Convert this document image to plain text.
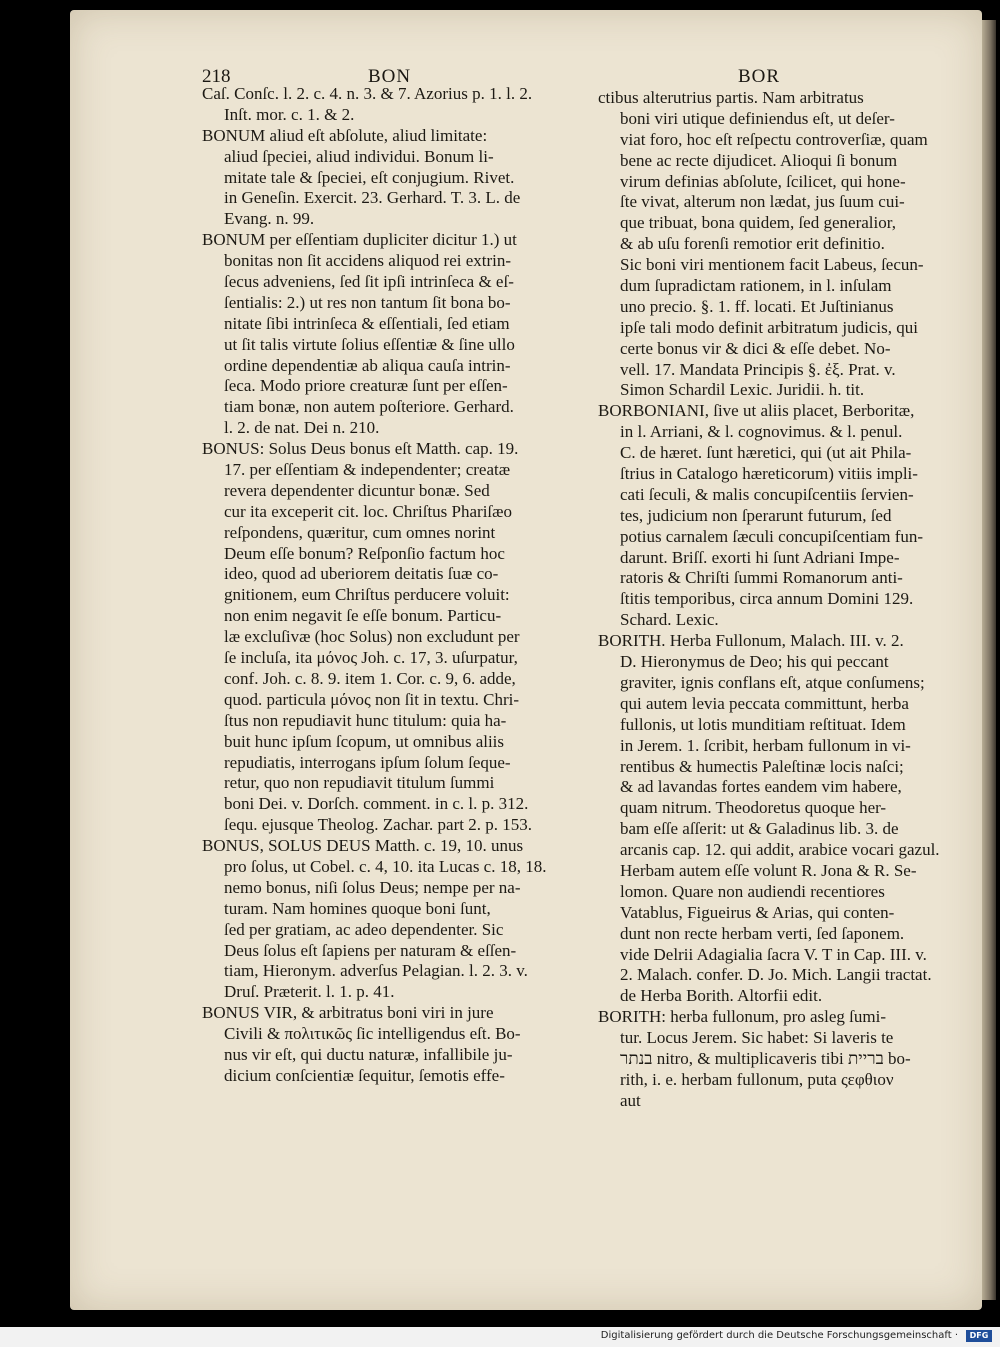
218	BON	BOR
Caſ. Conſc. l. 2. c. 4. n. 3. & 7. Azorius p. 1. l. 2.
Inſt. mor. c. 1. & 2.
BONUM aliud eſt abſolute, aliud limitate:
aliud ſpeciei, aliud individui. Bonum li-
mitate tale & ſpeciei, eſt conjugium. Rivet.
in Geneſin. Exercit. 23. Gerhard. T. 3. L. de
Evang. n. 99.
BONUM per eſſentiam dupliciter dicitur 1.) ut
bonitas non ſit accidens aliquod rei extrin-
ſecus adveniens, ſed ſit ipſi intrinſeca & eſ-
ſentialis: 2.) ut res non tantum ſit bona bo-
nitate ſibi intrinſeca & eſſentiali, ſed etiam
ut ſit talis virtute ſolius eſſentiæ & ſine ullo
ordine dependentiæ ab aliqua cauſa intrin-
ſeca. Modo priore creaturæ ſunt per eſſen-
tiam bonæ, non autem poſteriore. Gerhard.
l. 2. de nat. Dei n. 210.
BONUS: Solus Deus bonus eſt Matth. cap. 19.
17. per eſſentiam & independenter; creatæ
revera dependenter dicuntur bonæ. Sed
cur ita exceperit cit. loc. Chriſtus Phariſæo
reſpondens, quæritur, cum omnes norint
Deum eſſe bonum? Reſponſio factum hoc
ideo, quod ad uberiorem deitatis ſuæ co-
gnitionem, eum Chriſtus perducere voluit:
non enim negavit ſe eſſe bonum. Particu-
læ excluſivæ (hoc Solus) non excludunt per
ſe incluſa, ita μόνος Joh. c. 17, 3. uſurpatur,
conf. Joh. c. 8. 9. item 1. Cor. c. 9, 6. adde,
quod. particula μόνος non ſit in textu. Chri-
ſtus non repudiavit hunc titulum: quia ha-
buit hunc ipſum ſcopum, ut omnibus aliis
repudiatis, interrogans ipſum ſolum ſeque-
retur, quo non repudiavit titulum ſummi
boni Dei. v. Dorſch. comment. in c. l. p. 312.
ſequ. ejusque Theolog. Zachar. part 2. p. 153.
BONUS, SOLUS DEUS Matth. c. 19, 10. unus
pro ſolus, ut Cobel. c. 4, 10. ita Lucas c. 18, 18.
nemo bonus, niſi ſolus Deus; nempe per na-
turam. Nam homines quoque boni ſunt,
ſed per gratiam, ac adeo dependenter. Sic
Deus ſolus eſt ſapiens per naturam & eſſen-
tiam, Hieronym. adverſus Pelagian. l. 2. 3. v.
Druſ. Præterit. l. 1. p. 41.
BONUS VIR, & arbitratus boni viri in jure
Civili & πολιτικῶς ſic intelligendus eſt. Bo-
nus vir eſt, qui ductu naturæ, infallibile ju-
dicium conſcientiæ ſequitur, ſemotis effe-
ctibus alterutrius partis. Nam arbitratus
boni viri utique definiendus eſt, ut deſer-
viat foro, hoc eſt reſpectu controverſiæ, quam
bene ac recte dijudicet. Alioqui ſi bonum
virum definias abſolute, ſcilicet, qui hone-
ſte vivat, alterum non lædat, jus ſuum cui-
que tribuat, bona quidem, ſed generalior,
& ab uſu forenſi remotior erit definitio.
Sic boni viri mentionem facit Labeus, ſecun-
dum ſupradictam rationem, in l. inſulam
uno precio. §. 1. ff. locati. Et Juſtinianus
ipſe tali modo definit arbitratum judicis, qui
certe bonus vir & dici & eſſe debet. No-
vell. 17. Mandata Principis §. ἐξ. Prat. v.
Simon Schardil Lexic. Juridii. h. tit.
BORBONIANI, ſive ut aliis placet, Berboritæ,
in l. Arriani, & l. cognovimus. & l. penul.
C. de hæret. ſunt hæretici, qui (ut ait Phila-
ſtrius in Catalogo hæreticorum) vitiis impli-
cati ſeculi, & malis concupiſcentiis ſervien-
tes, judicium non ſperarunt futurum, ſed
potius carnalem ſæculi concupiſcentiam fun-
darunt. Briſſ. exorti hi ſunt Adriani Impe-
ratoris & Chriſti ſummi Romanorum anti-
ſtitis temporibus, circa annum Domini 129.
Schard. Lexic.
BORITH. Herba Fullonum, Malach. III. v. 2.
D. Hieronymus de Deo; his qui peccant
graviter, ignis conflans eſt, atque conſumens;
qui autem levia peccata committunt, herba
fullonis, ut lotis munditiam reſtituat. Idem
in Jerem. 1. ſcribit, herbam fullonum in vi-
rentibus & humectis Paleſtinæ locis naſci;
& ad lavandas fortes eandem vim habere,
quam nitrum. Theodoretus quoque her-
bam eſſe aſſerit: ut & Galadinus lib. 3. de
arcanis cap. 12. qui addit, arabice vocari gazul.
Herbam autem eſſe volunt R. Jona & R. Se-
lomon. Quare non audiendi recentiores
Vatablus, Figueirus & Arias, qui conten-
dunt non recte herbam verti, ſed ſaponem.
vide Delrii Adagialia ſacra V. T in Cap. III. v.
2. Malach. confer. D. Jo. Mich. Langii tractat.
de Herba Borith. Altorfii edit.
BORITH: herba fullonum, pro asleg ſumi-
tur. Locus Jerem. Sic habet: Si laveris te
בנתר nitro, & multiplicaveris tibi בריית bo-
rith, i. e. herbam fullonum, puta ςεφθιον
aut
Digitalisierung gefördert durch die Deutsche Forschungsgemeinschaft ·	DFG
